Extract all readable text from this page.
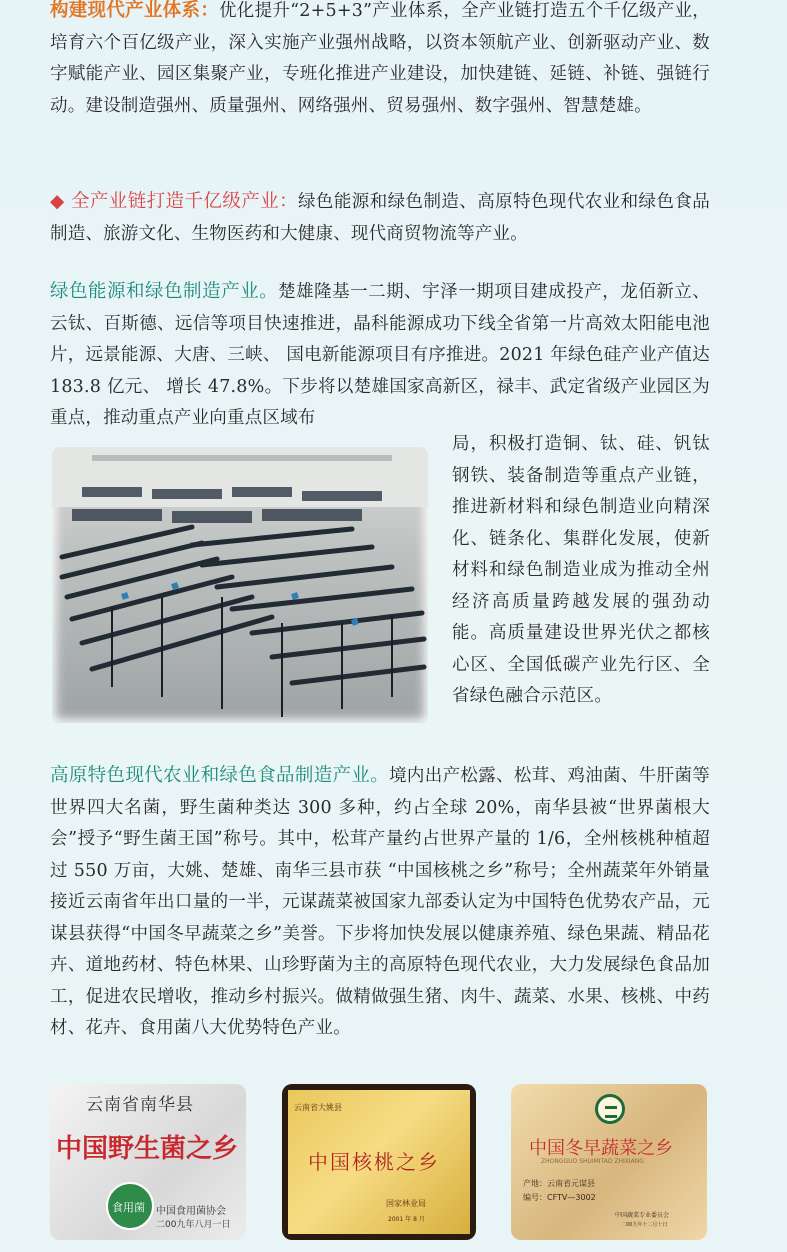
构建现代产业体系：优化提升“2+5+3”产业体系，全产业链打造五个千亿级产业，培育六个百亿级产业，深入实施产业强州战略，以资本领航产业、创新驱动产业、数字赋能产业、园区集聚产业，专班化推进产业建设，加快建链、延链、补链、强链行动。建设制造强州、质量强州、网络强州、贸易强州、数字强州、智慧楚雄。

◆ 全产业链打造千亿级产业：绿色能源和绿色制造、高原特色现代农业和绿色食品制造、旅游文化、生物医药和大健康、现代商贸物流等产业。

绿色能源和绿色制造产业。楚雄隆基一二期、宇泽一期项目建成投产，龙佰新立、云钛、百斯德、远信等项目快速推进，晶科能源成功下线全省第一片高效太阳能电池片，远景能源、大唐、三峡、 国电新能源项目有序推进。2021 年绿色硅产业产值达 183.8 亿元、 增长 47.8%。下步将以楚雄国家高新区，禄丰、武定省级产业园区为重点，推动重点产业向重点区域布

局，积极打造铜、钛、硅、钒钛钢铁、装备制造等重点产业链，推进新材料和绿色制造业向精深化、链条化、集群化发展，使新材料和绿色制造业成为推动全州经济高质量跨越发展的强劲动能。高质量建设世界光伏之都核心区、全国低碳产业先行区、全省绿色融合示范区。

高原特色现代农业和绿色食品制造产业。境内出产松露、松茸、鸡油菌、牛肝菌等世界四大名菌，野生菌种类达 300 多种，约占全球 20%，南华县被“世界菌根大会”授予“野生菌王国”称号。其中，松茸产量约占世界产量的 1/6，全州核桃种植超过 550 万亩，大姚、楚雄、南华三县市获 “中国核桃之乡”称号；全州蔬菜年外销量接近云南省年出口量的一半，元谋蔬菜被国家九部委认定为中国特色优势农产品，元谋县获得“中国冬早蔬菜之乡”美誉。下步将加快发展以健康养殖、绿色果蔬、精品花卉、道地药材、特色林果、山珍野菌为主的高原特色现代农业，大力发展绿色食品加工，促进农民增收，推动乡村振兴。做精做强生猪、肉牛、蔬菜、水果、核桃、中药材、花卉、食用菌八大优势特色产业。

云南省南华县
中国野生菌之乡
食用菌 中国食用菌协会
二00九年八月一日
云南省大姚县
中国核桃之乡
国家林业局
2001 年 8 月
中国冬早蔬菜之乡
ZHONGGUO SHUIMITAO ZHIXIANG
产地：云南省元谋县
编号：CFTV—3002
中国蔬菜专业委员会
二00九年十二月十日
